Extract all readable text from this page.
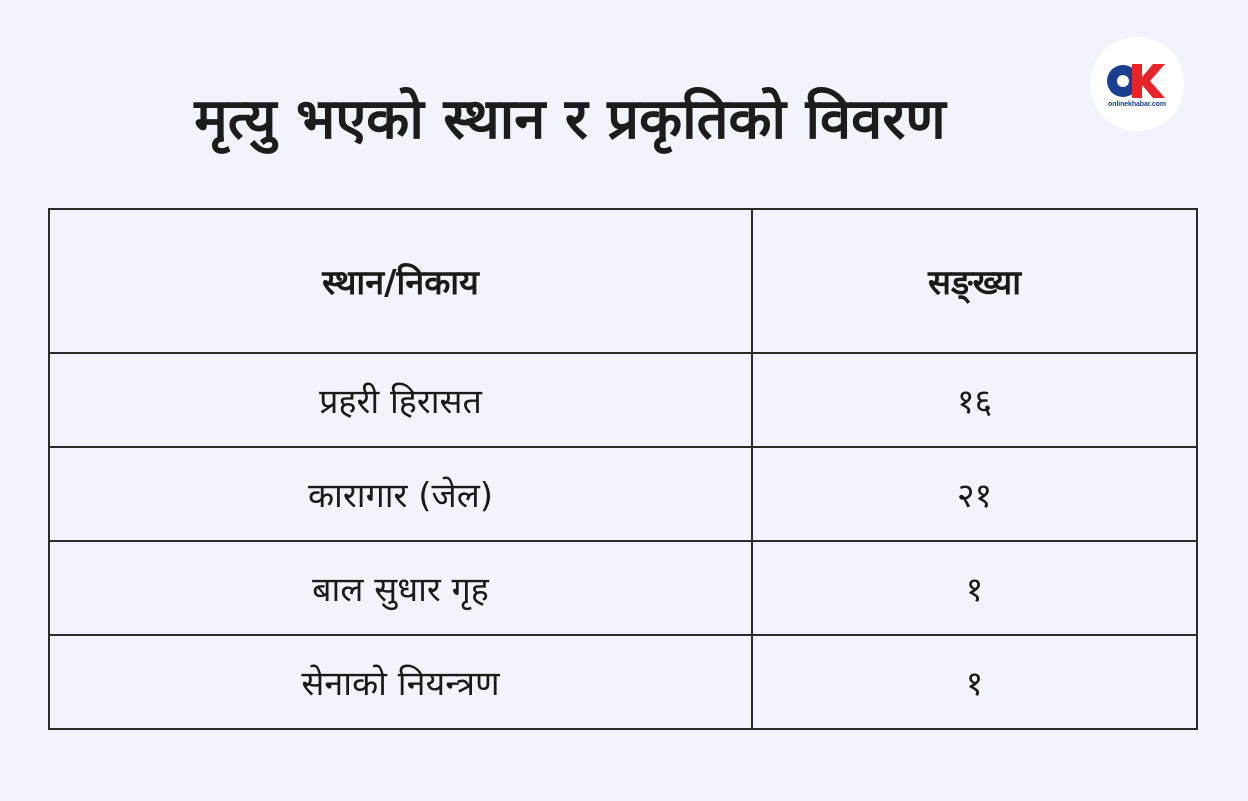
मृत्यु भएको स्थान र प्रकृतिको विवरण	onlinekhabar.com
स्थान/निकाय	सङ्ख्या
प्रहरी हिरासत	१६
कारागार (जेल)	२१
बाल सुधार गृह	१
सेनाको नियन्त्रण	१
